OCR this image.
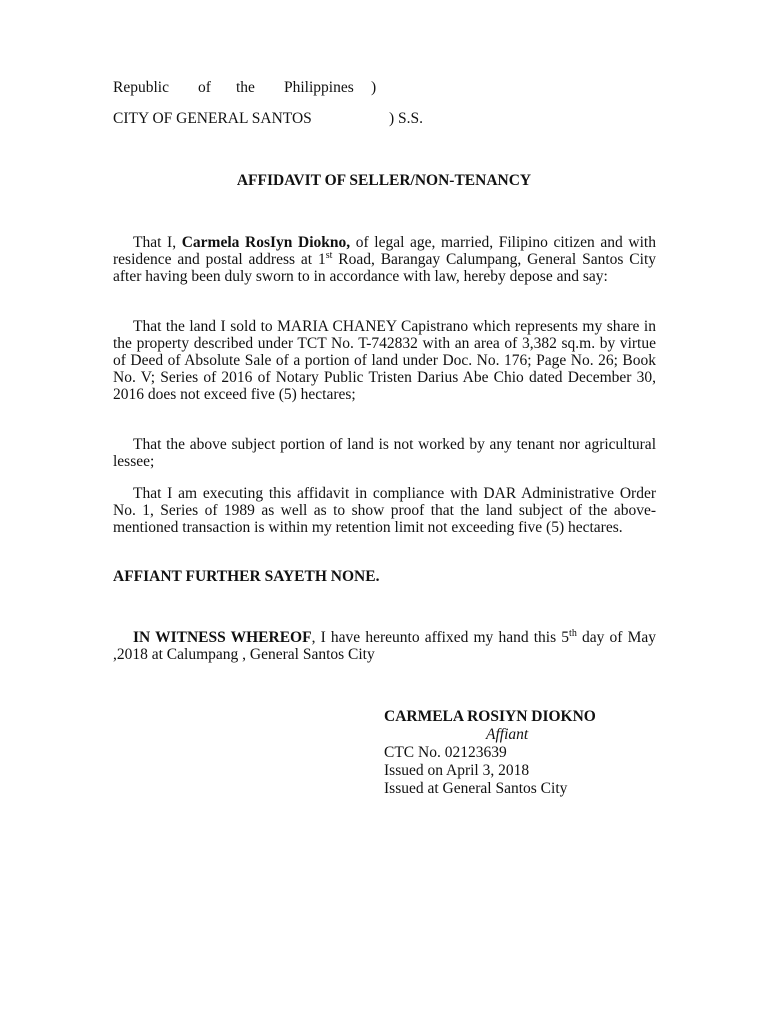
Republic of the Philippines )
CITY OF GENERAL SANTOS	) S.S.
AFFIDAVIT OF SELLER/NON-TENANCY
That I, Carmela RosIyn Diokno, of legal age, married, Filipino citizen and with residence and postal address at 1st Road, Barangay Calumpang, General Santos City after having been duly sworn to in accordance with law, hereby depose and say:
That the land I sold to MARIA CHANEY Capistrano which represents my share in the property described under TCT No. T-742832 with an area of 3,382 sq.m. by virtue of Deed of Absolute Sale of a portion of land under Doc. No. 176; Page No. 26; Book No. V; Series of 2016 of Notary Public Tristen Darius Abe Chio dated December 30, 2016 does not exceed five (5) hectares;
That the above subject portion of land is not worked by any tenant nor agricultural lessee;
That I am executing this affidavit in compliance with DAR Administrative Order No. 1, Series of 1989 as well as to show proof that the land subject of the above-mentioned transaction is within my retention limit not exceeding five (5) hectares.
AFFIANT FURTHER SAYETH NONE.
IN WITNESS WHEREOF, I have hereunto affixed my hand this 5th day of May ,2018 at Calumpang , General Santos City
CARMELA ROSIYN DIOKNO
Affiant
CTC No. 02123639
Issued on April 3, 2018
Issued at General Santos City
